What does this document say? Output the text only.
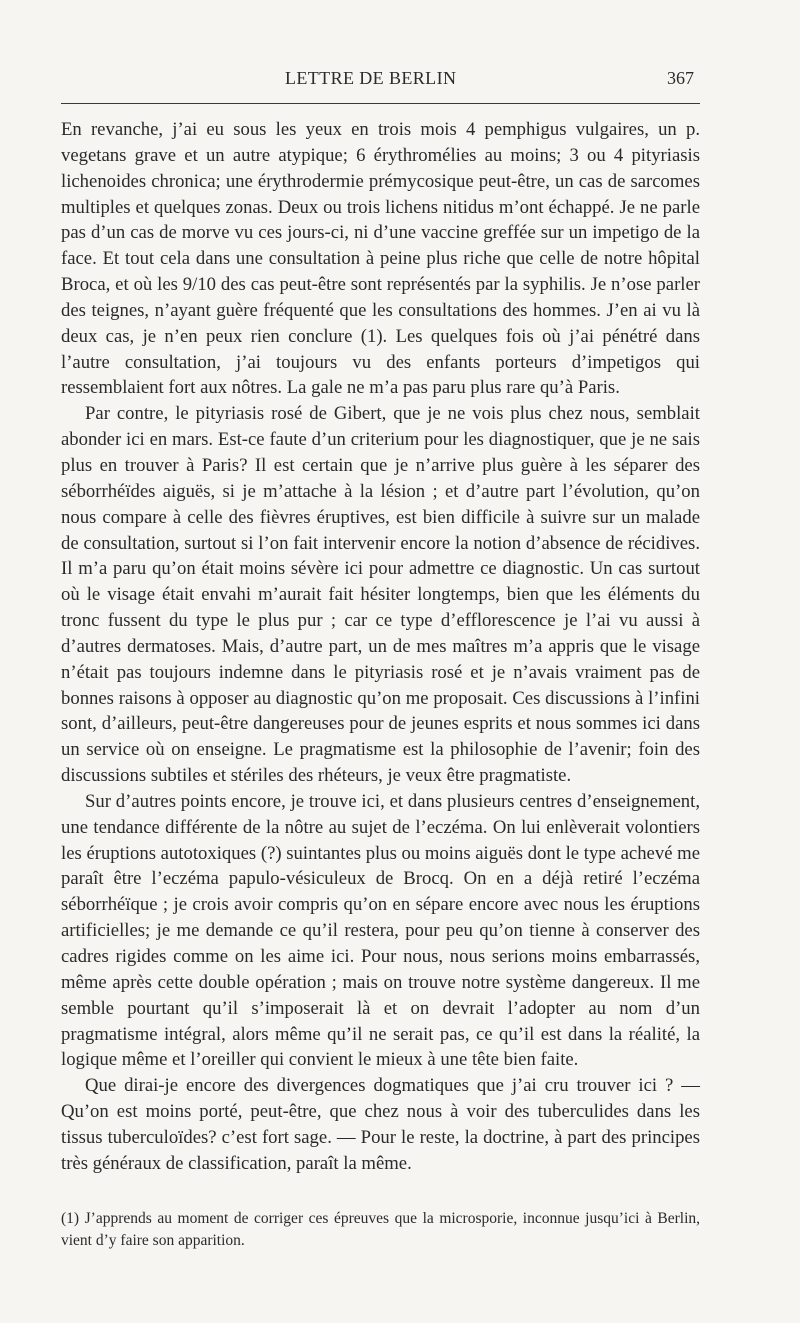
LETTRE DE BERLIN	367

En revanche, j’ai eu sous les yeux en trois mois 4 pemphigus vulgaires, un p. vegetans grave et un autre atypique; 6 érythromélies au moins; 3 ou 4 pityriasis lichenoides chronica; une érythrodermie prémycosique peut-être, un cas de sarcomes multiples et quelques zonas. Deux ou trois lichens nitidus m’ont échappé. Je ne parle pas d’un cas de morve vu ces jours-ci, ni d’une vaccine greffée sur un impetigo de la face. Et tout cela dans une consultation à peine plus riche que celle de notre hôpital Broca, et où les 9/10 des cas peut-être sont représentés par la syphilis. Je n’ose parler des teignes, n’ayant guère fréquenté que les consultations des hommes. J’en ai vu là deux cas, je n’en peux rien conclure (1). Les quelques fois où j’ai pénétré dans l’autre consultation, j’ai toujours vu des enfants porteurs d’impetigos qui ressemblaient fort aux nôtres. La gale ne m’a pas paru plus rare qu’à Paris.

Par contre, le pityriasis rosé de Gibert, que je ne vois plus chez nous, semblait abonder ici en mars. Est-ce faute d’un criterium pour les diagnostiquer, que je ne sais plus en trouver à Paris? Il est certain que je n’arrive plus guère à les séparer des séborrhéïdes aiguës, si je m’attache à la lésion ; et d’autre part l’évolution, qu’on nous compare à celle des fièvres éruptives, est bien difficile à suivre sur un malade de consultation, surtout si l’on fait intervenir encore la notion d’absence de récidives. Il m’a paru qu’on était moins sévère ici pour admettre ce diagnostic. Un cas surtout où le visage était envahi m’aurait fait hésiter longtemps, bien que les éléments du tronc fussent du type le plus pur ; car ce type d’efflorescence je l’ai vu aussi à d’autres dermatoses. Mais, d’autre part, un de mes maîtres m’a appris que le visage n’était pas toujours indemne dans le pityriasis rosé et je n’avais vraiment pas de bonnes raisons à opposer au diagnostic qu’on me proposait. Ces discussions à l’infini sont, d’ailleurs, peut-être dangereuses pour de jeunes esprits et nous sommes ici dans un service où on enseigne. Le pragmatisme est la philosophie de l’avenir; foin des discussions subtiles et stériles des rhéteurs, je veux être pragmatiste.

Sur d’autres points encore, je trouve ici, et dans plusieurs centres d’enseignement, une tendance différente de la nôtre au sujet de l’eczéma. On lui enlèverait volontiers les éruptions autotoxiques (?) suintantes plus ou moins aiguës dont le type achevé me paraît être l’eczéma papulo-vésiculeux de Brocq. On en a déjà retiré l’eczéma séborrhéïque ; je crois avoir compris qu’on en sépare encore avec nous les éruptions artificielles; je me demande ce qu’il restera, pour peu qu’on tienne à conserver des cadres rigides comme on les aime ici. Pour nous, nous serions moins embarrassés, même après cette double opération ; mais on trouve notre système dangereux. Il me semble pourtant qu’il s’imposerait là et on devrait l’adopter au nom d’un pragmatisme intégral, alors même qu’il ne serait pas, ce qu’il est dans la réalité, la logique même et l’oreiller qui convient le mieux à une tête bien faite.

Que dirai-je encore des divergences dogmatiques que j’ai cru trouver ici ? — Qu’on est moins porté, peut-être, que chez nous à voir des tuberculides dans les tissus tuberculoïdes? c’est fort sage. — Pour le reste, la doctrine, à part des principes très généraux de classification, paraît la même.

(1) J’apprends au moment de corriger ces épreuves que la microsporie, inconnue jusqu’ici à Berlin, vient d’y faire son apparition.
